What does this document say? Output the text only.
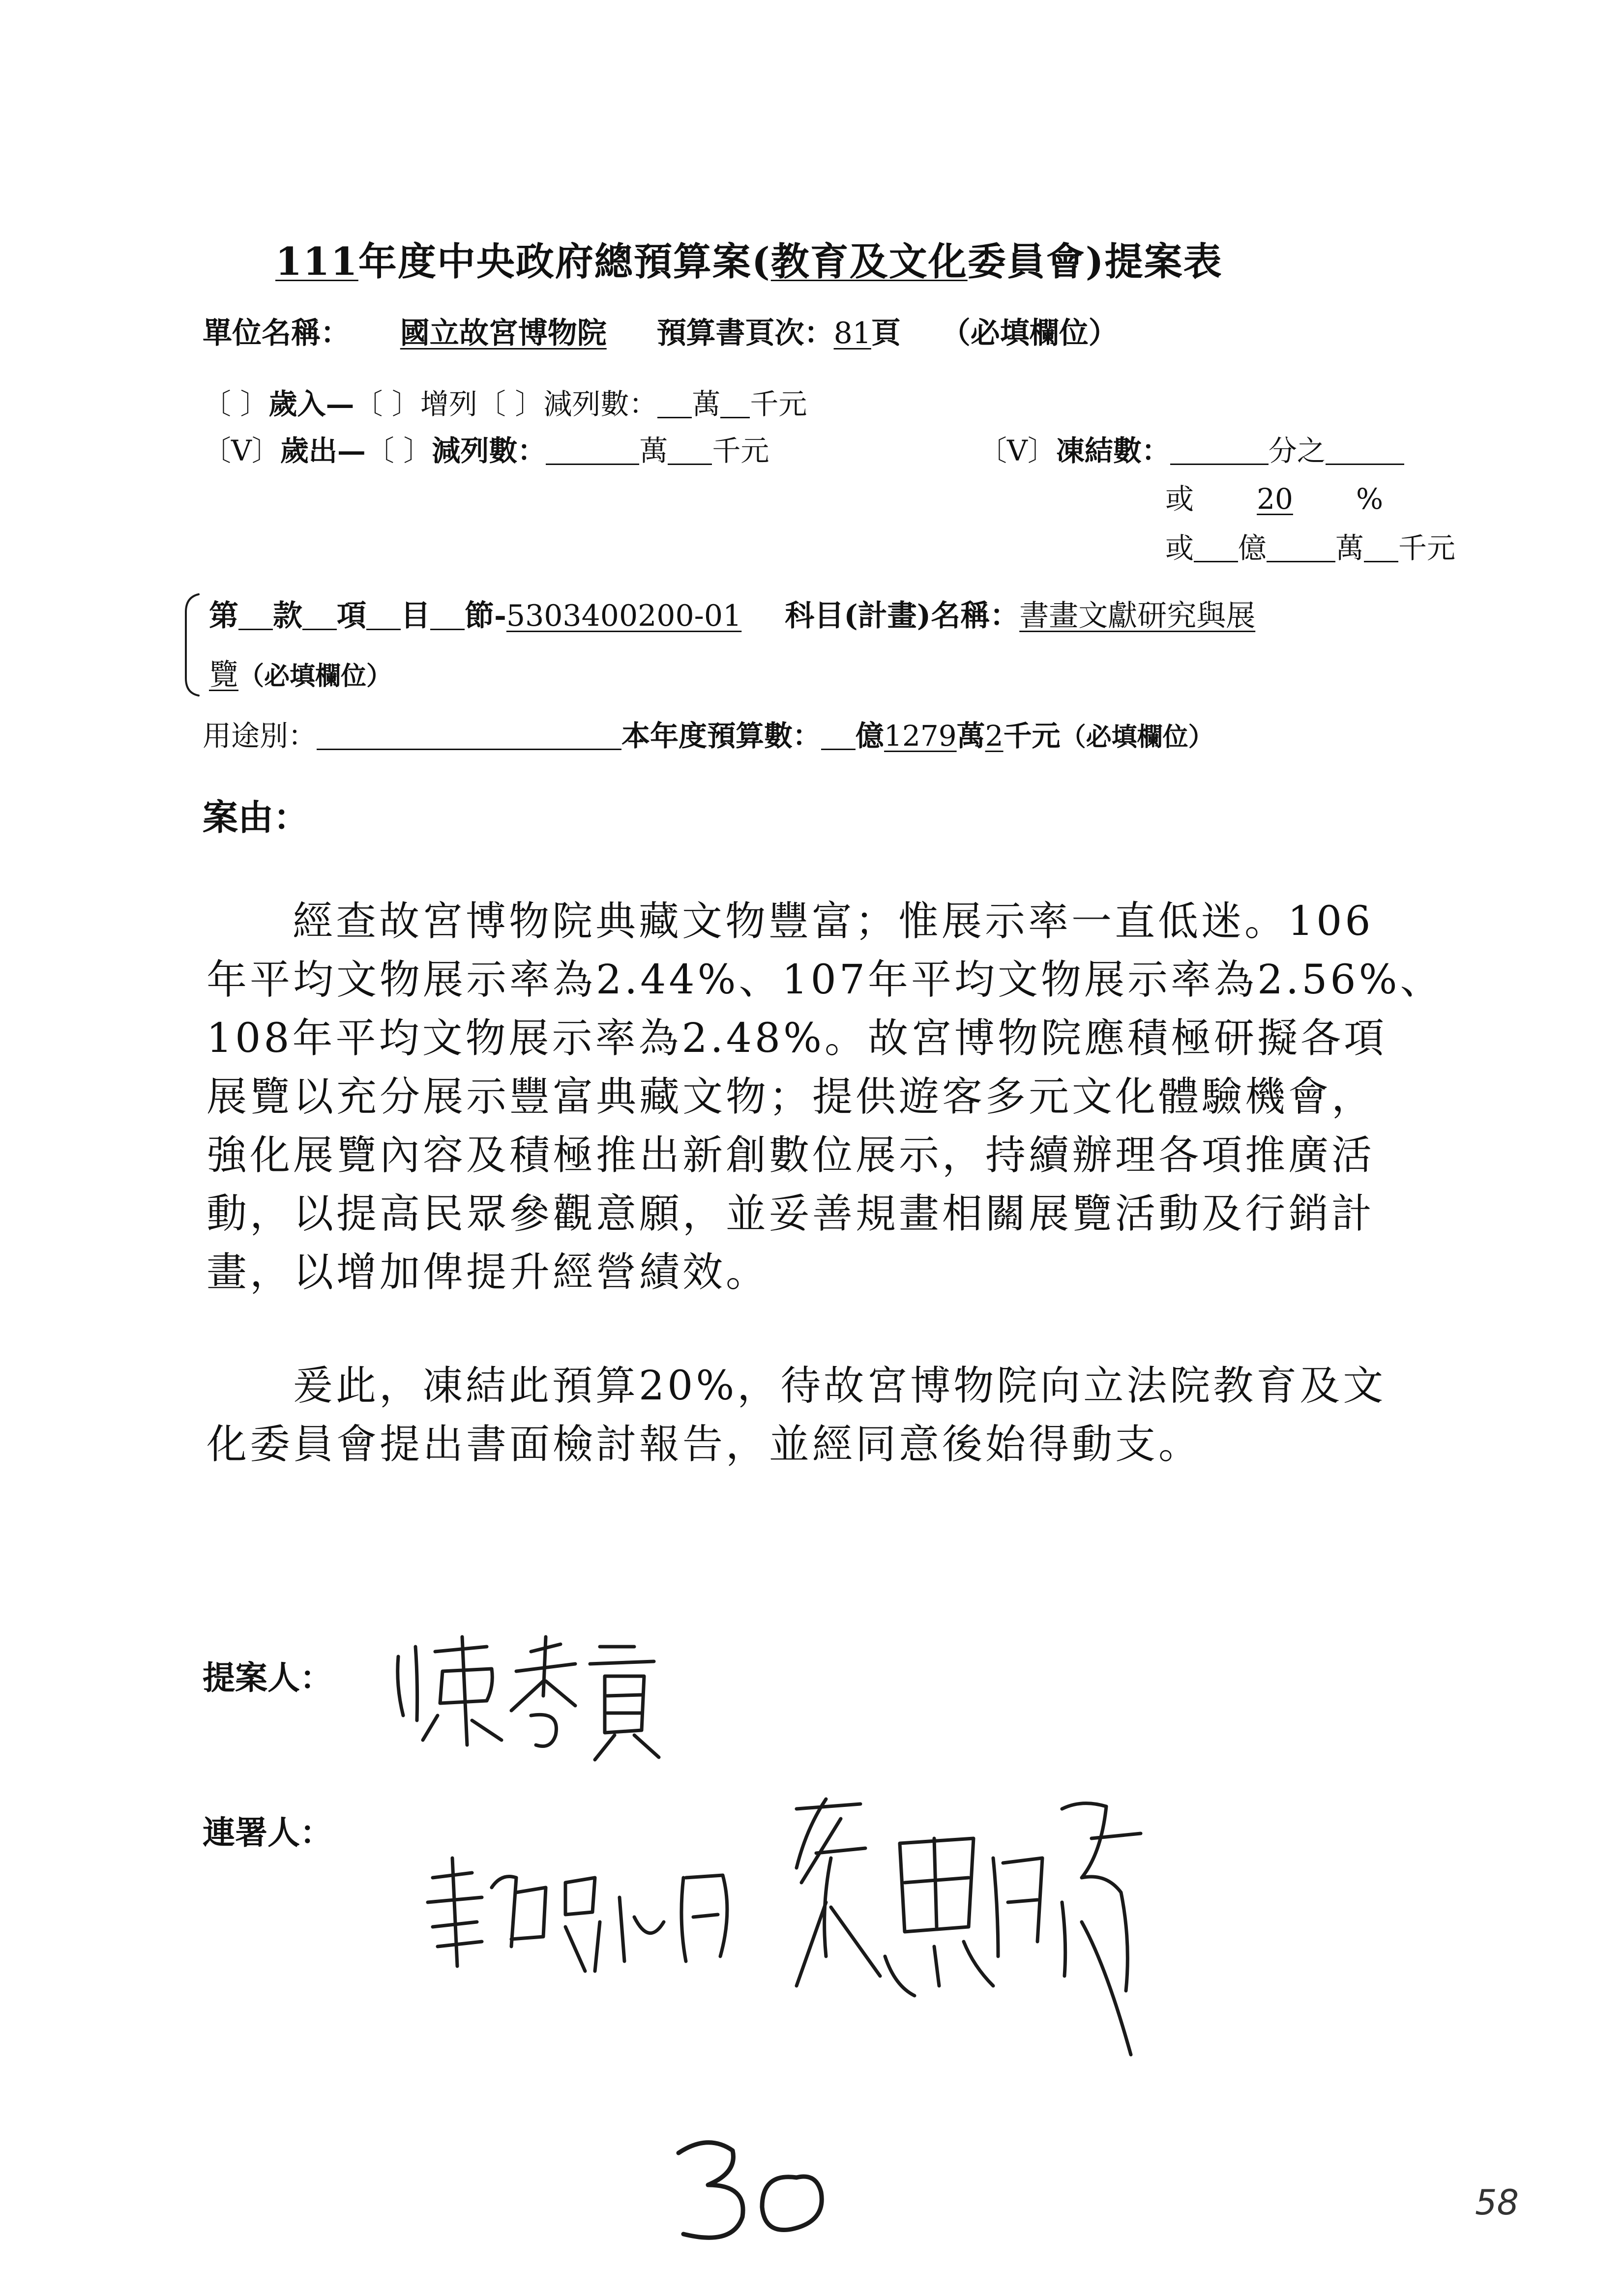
111年度中央政府總預算案(教育及文化委員會)提案表
單位名稱： 國立故宮博物院 預算書頁次：81頁 （必填欄位）
〔 〕歲入—〔 〕增列〔 〕減列數： 萬 千元
〔V〕歲出—〔 〕減列數：	萬 千元	〔V〕凍結數：	分之
或 20 %
或 億 萬 千元
第 款 項 目 節-5303400200-01 科目(計畫)名稱：書畫文獻研究與展
覽（必填欄位）
用途別：	本年度預算數： 億1279萬2千元（必填欄位）
案由：
經查故宮博物院典藏文物豐富；惟展示率一直低迷。106
年平均文物展示率為2.44%、107年平均文物展示率為2.56%、
108年平均文物展示率為2.48%。故宮博物院應積極研擬各項
展覽以充分展示豐富典藏文物；提供遊客多元文化體驗機會，
強化展覽內容及積極推出新創數位展示，持續辦理各項推廣活
動，以提高民眾參觀意願，並妥善規畫相關展覽活動及行銷計
畫，以增加俾提升經營績效。
爰此，凍結此預算20%，待故宮博物院向立法院教育及文
化委員會提出書面檢討報告，並經同意後始得動支。
提案人：
連署人：
58
